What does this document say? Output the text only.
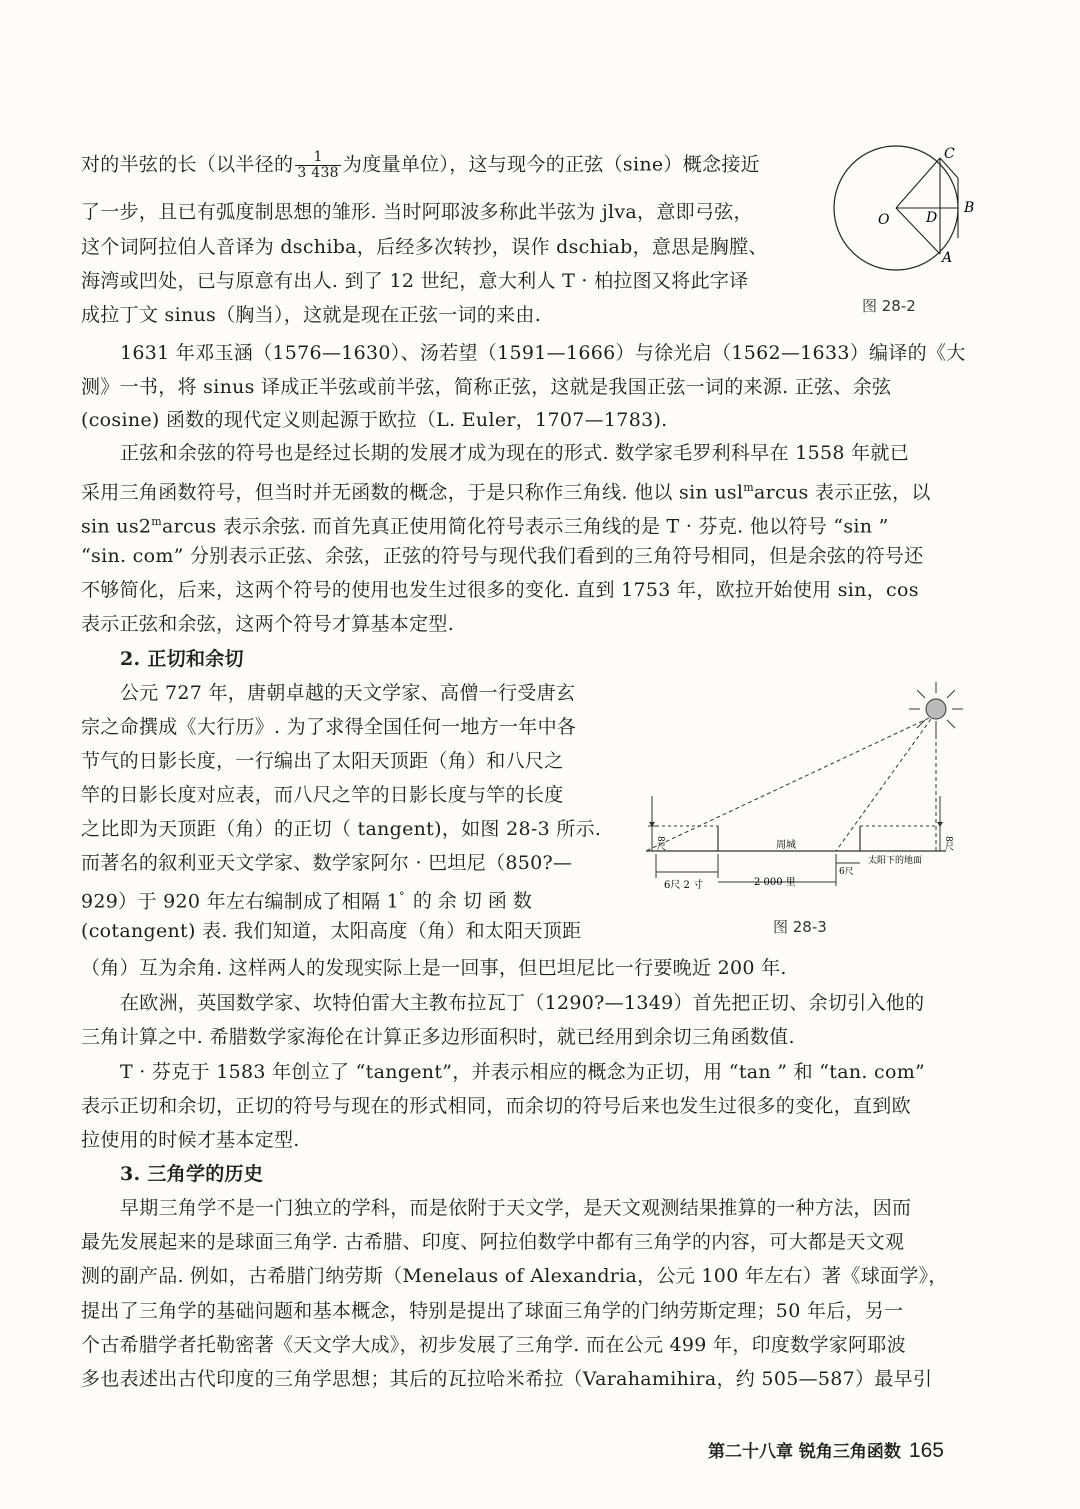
对的半弦的长（以半径的 $\frac{1}{3 438}$ 为度量单位），这与现今的正弦（sine）概念接近
了一步，且已有弧度制思想的雏形. 当时阿耶波多称此半弦为 jlva，意即弓弦，
这个词阿拉伯人音译为 dschiba，后经多次转抄，误作 dschiab，意思是胸膛、
海湾或凹处，已与原意有出人. 到了 12 世纪，意大利人 T · 柏拉图又将此字译
成拉丁文 sinus（胸当），这就是现在正弦一词的来由.
C
O	D
B
A
图 28-2
1631 年邓玉涵（1576—1630）、汤若望（1591—1666）与徐光启（1562—1633）编译的《大
测》一书，将 sinus 译成正半弦或前半弦，简称正弦，这就是我国正弦一词的来源. 正弦、余弦
(cosine) 函数的现代定义则起源于欧拉（L. Euler，1707—1783).
正弦和余弦的符号也是经过长期的发展才成为现在的形式. 数学家毛罗利科早在 1558 年就已
采用三角函数符号，但当时并无函数的概念，于是只称作三角线. 他以 sin usl$^m$arcus 表示正弦，以
sin us2$^m$arcus 表示余弦. 而首先真正使用简化符号表示三角线的是 T · 芬克. 他以符号 “sin ”
“sin. com” 分别表示正弦、余弦，正弦的符号与现代我们看到的三角符号相同，但是余弦的符号还
不够简化，后来，这两个符号的使用也发生过很多的变化. 直到 1753 年，欧拉开始使用 sin，cos
表示正弦和余弦，这两个符号才算基本定型.
2. 正切和余切
公元 727 年，唐朝卓越的天文学家、高僧一行受唐玄
宗之命撰成《大行历》. 为了求得全国任何一地方一年中各
节气的日影长度，一行编出了太阳天顶距（角）和八尺之
竿的日影长度对应表，而八尺之竿的日影长度与竿的长度
之比即为天顶距（角）的正切（ tangent)，如图 28-3 所示.
而著名的叙利亚天文学家、数学家阿尔 · 巴坦尼（850?—
929）于 920 年左右编制成了相隔 1° 的余切函数
(cotangent) 表. 我们知道，太阳高度（角）和太阳天顶距
（角）互为余角. 这样两人的发现实际上是一回事，但巴坦尼比一行要晚近 200 年.
8尺	8尺
周城
太阳下的地面
6尺 2 寸	2 000 里
6尺
图 28-3
在欧洲，英国数学家、坎特伯雷大主教布拉瓦丁（1290?—1349）首先把正切、余切引入他的
三角计算之中. 希腊数学家海伦在计算正多边形面积时，就已经用到余切三角函数值.
T · 芬克于 1583 年创立了 “tangent”，并表示相应的概念为正切，用 “tan ” 和 “tan. com”
表示正切和余切，正切的符号与现在的形式相同，而余切的符号后来也发生过很多的变化，直到欧
拉使用的时候才基本定型.
3. 三角学的历史
早期三角学不是一门独立的学科，而是依附于天文学，是天文观测结果推算的一种方法，因而
最先发展起来的是球面三角学. 古希腊、印度、阿拉伯数学中都有三角学的内容，可大都是天文观
测的副产品. 例如，古希腊门纳劳斯（Menelaus of Alexandria，公元 100 年左右）著《球面学》，
提出了三角学的基础问题和基本概念，特别是提出了球面三角学的门纳劳斯定理；50 年后，另一
个古希腊学者托勒密著《天文学大成》，初步发展了三角学. 而在公元 499 年，印度数学家阿耶波
多也表述出古代印度的三角学思想；其后的瓦拉哈米希拉（Varahamihira，约 505—587）最早引
第二十八章 锐角三角函数 165
